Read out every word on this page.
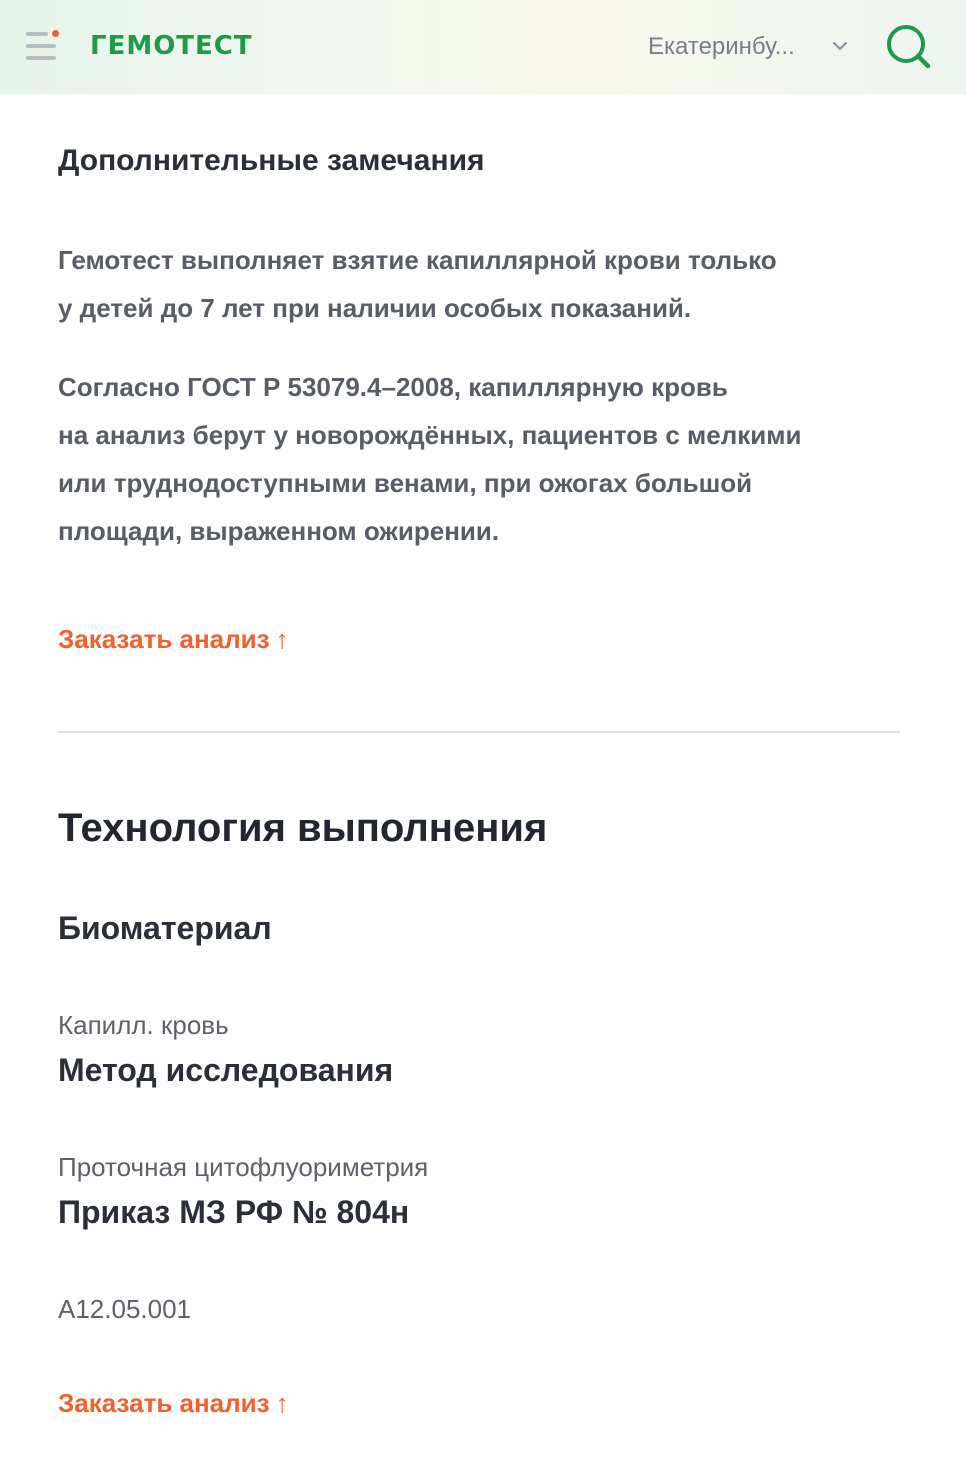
ГЕМОТЕСТ	Екатеринбу...
Дополнительные замечания
Гемотест выполняет взятие капиллярной крови только
у детей до 7 лет при наличии особых показаний.
Согласно ГОСТ Р 53079.4–2008, капиллярную кровь
на анализ берут у новорождённых, пациентов с мелкими
или труднодоступными венами, при ожогах большой
площади, выраженном ожирении.
Заказать анализ ↑
Технология выполнения
Биоматериал
Капилл. кровь
Метод исследования
Проточная цитофлуориметрия
Приказ МЗ РФ № 804н
A12.05.001
Заказать анализ ↑
